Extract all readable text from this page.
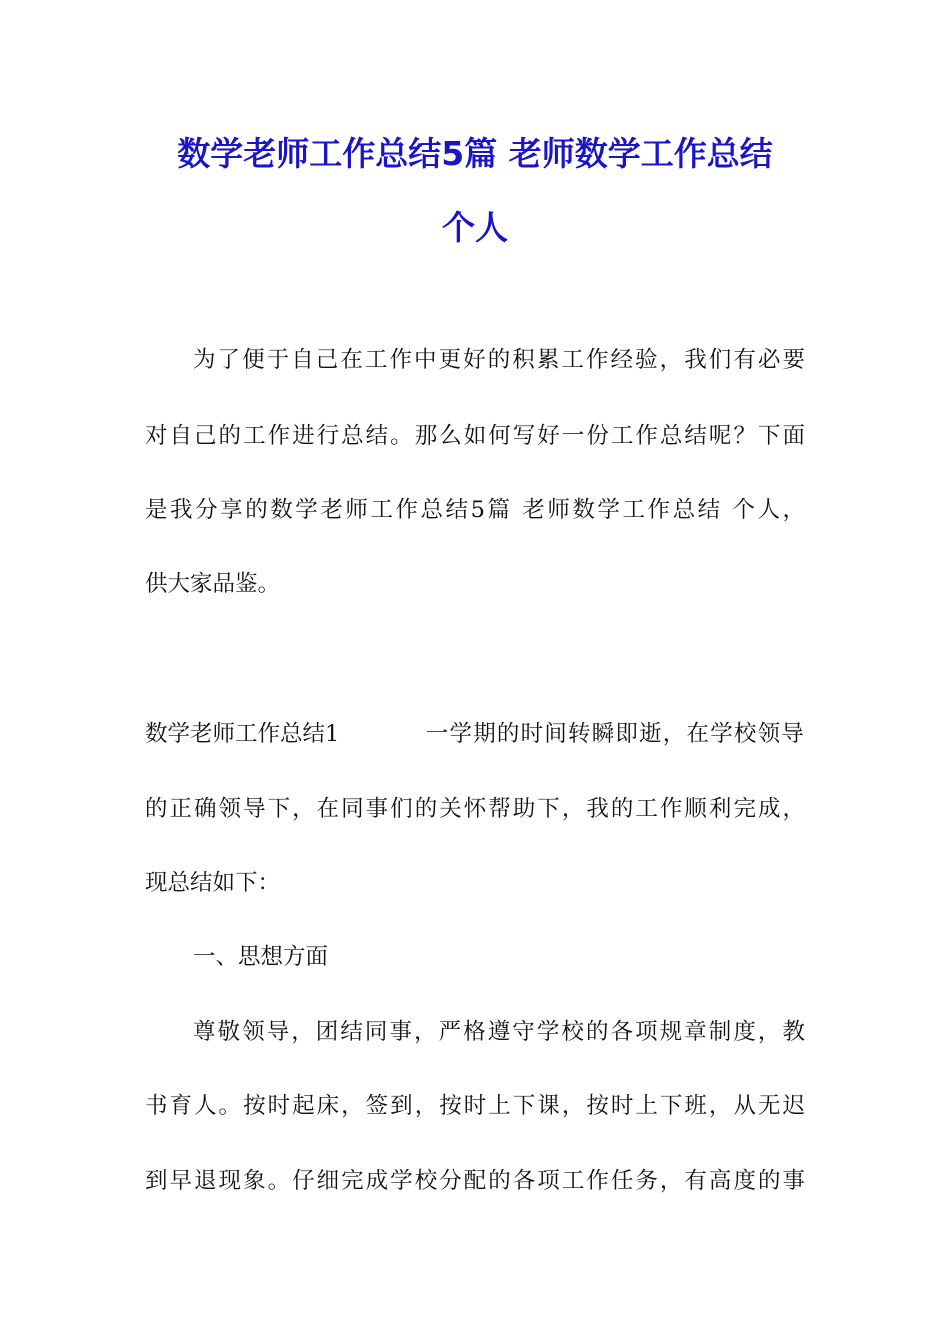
数学老师工作总结5篇 老师数学工作总结
个人
为了便于自己在工作中更好的积累工作经验，我们有必要
对自己的工作进行总结。那么如何写好一份工作总结呢？下面
是我分享的数学老师工作总结5篇 老师数学工作总结 个人，
供大家品鉴。
数学老师工作总结1	一学期的时间转瞬即逝，在学校领导
的正确领导下，在同事们的关怀帮助下，我的工作顺利完成，
现总结如下：
一、思想方面
尊敬领导，团结同事，严格遵守学校的各项规章制度，教
书育人。按时起床，签到，按时上下课，按时上下班，从无迟
到早退现象。仔细完成学校分配的各项工作任务，有高度的事
